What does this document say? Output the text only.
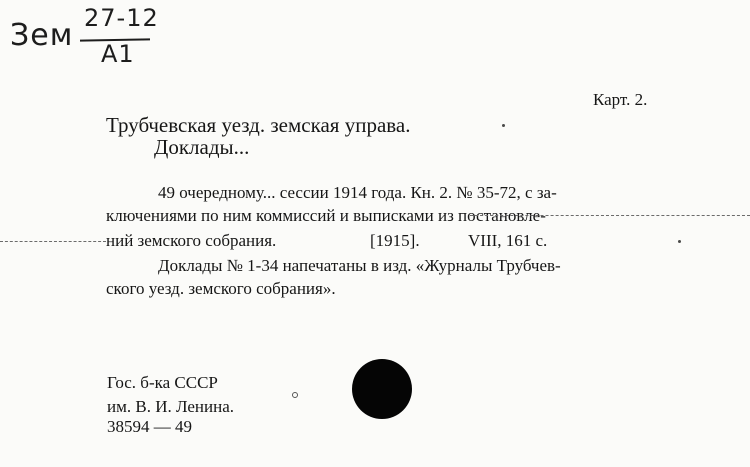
Зем 27-12
A1
Карт. 2.
Трубчевская уезд. земская управа.
Доклады...
49 очередному... сессии 1914 года. Кн. 2. № 35-72, с за-
ключениями по ним коммиссий и выписками из постановле-
ний земского собрания.	[1915].	VIII, 161 с.
Доклады № 1-34 напечатаны в изд. «Журналы Трубчев-
ского уезд. земского собрания».
Гос. б-ка СССР
им. В. И. Ленина.
38594 — 49
